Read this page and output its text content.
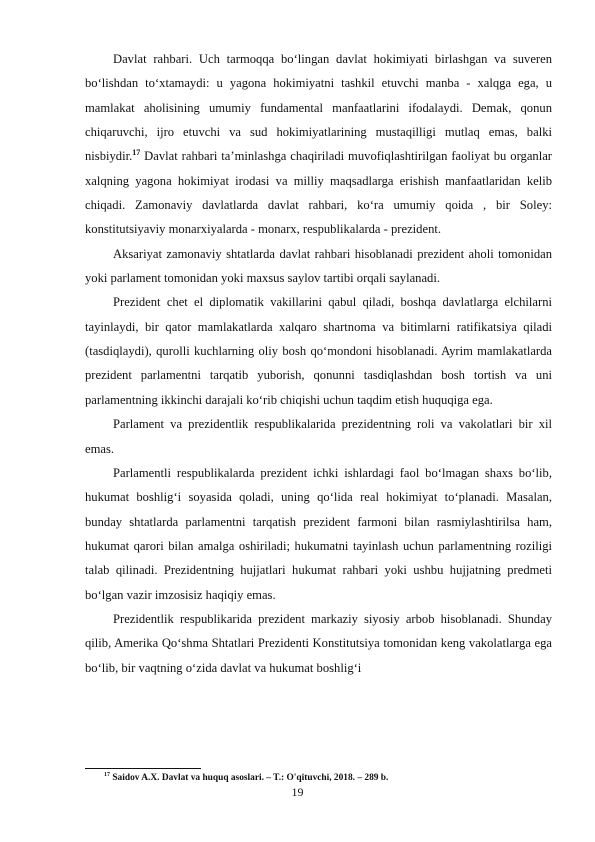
Davlat rahbari. Uch tarmoqqa bo‘lingan davlat hokimiyati birlashgan va suveren bo‘lishdan to‘xtamaydi: u yagona hokimiyatni tashkil etuvchi manba - xalqga ega, u mamlakat aholisining umumiy fundamental manfaatlarini ifodalaydi. Demak, qonun chiqaruvchi, ijro etuvchi va sud hokimiyatlarining mustaqilligi mutlaq emas, balki nisbiydir.$^{17}$ Davlat rahbari ta’minlashga chaqiriladi muvofiqlashtirilgan faoliyat bu organlar xalqning yagona hokimiyat irodasi va milliy maqsadlarga erishish manfaatlaridan kelib chiqadi. Zamonaviy davlatlarda davlat rahbari, ko‘ra umumiy qoida , bir Soley: konstitutsiyaviy monarxiyalarda - monarx, respublikalarda - prezident.

Aksariyat zamonaviy shtatlarda davlat rahbari hisoblanadi prezident aholi tomonidan yoki parlament tomonidan yoki maxsus saylov tartibi orqali saylanadi.

Prezident chet el diplomatik vakillarini qabul qiladi, boshqa davlatlarga elchilarni tayinlaydi, bir qator mamlakatlarda xalqaro shartnoma va bitimlarni ratifikatsiya qiladi (tasdiqlaydi), qurolli kuchlarning oliy bosh qo‘mondoni hisoblanadi. Ayrim mamlakatlarda prezident parlamentni tarqatib yuborish, qonunni tasdiqlashdan bosh tortish va uni parlamentning ikkinchi darajali ko‘rib chiqishi uchun taqdim etish huquqiga ega.

Parlament va prezidentlik respublikalarida prezidentning roli va vakolatlari bir xil emas.

Parlamentli respublikalarda prezident ichki ishlardagi faol bo‘lmagan shaxs bo‘lib, hukumat boshlig‘i soyasida qoladi, uning qo‘lida real hokimiyat to‘planadi. Masalan, bunday shtatlarda parlamentni tarqatish prezident farmoni bilan rasmiylashtirilsa ham, hukumat qarori bilan amalga oshiriladi; hukumatni tayinlash uchun parlamentning roziligi talab qilinadi. Prezidentning hujjatlari hukumat rahbari yoki ushbu hujjatning predmeti bo‘lgan vazir imzosisiz haqiqiy emas.

Prezidentlik respublikarida prezident markaziy siyosiy arbob hisoblanadi. Shunday qilib, Amerika Qo‘shma Shtatlari Prezidenti Konstitutsiya tomonidan keng vakolatlarga ega bo‘lib, bir vaqtning o‘zida davlat va hukumat boshlig‘i

$^{17}$ Saidov A.X. Davlat va huquq asoslari. – T.: O'qituvchi, 2018. – 289 b.
19
